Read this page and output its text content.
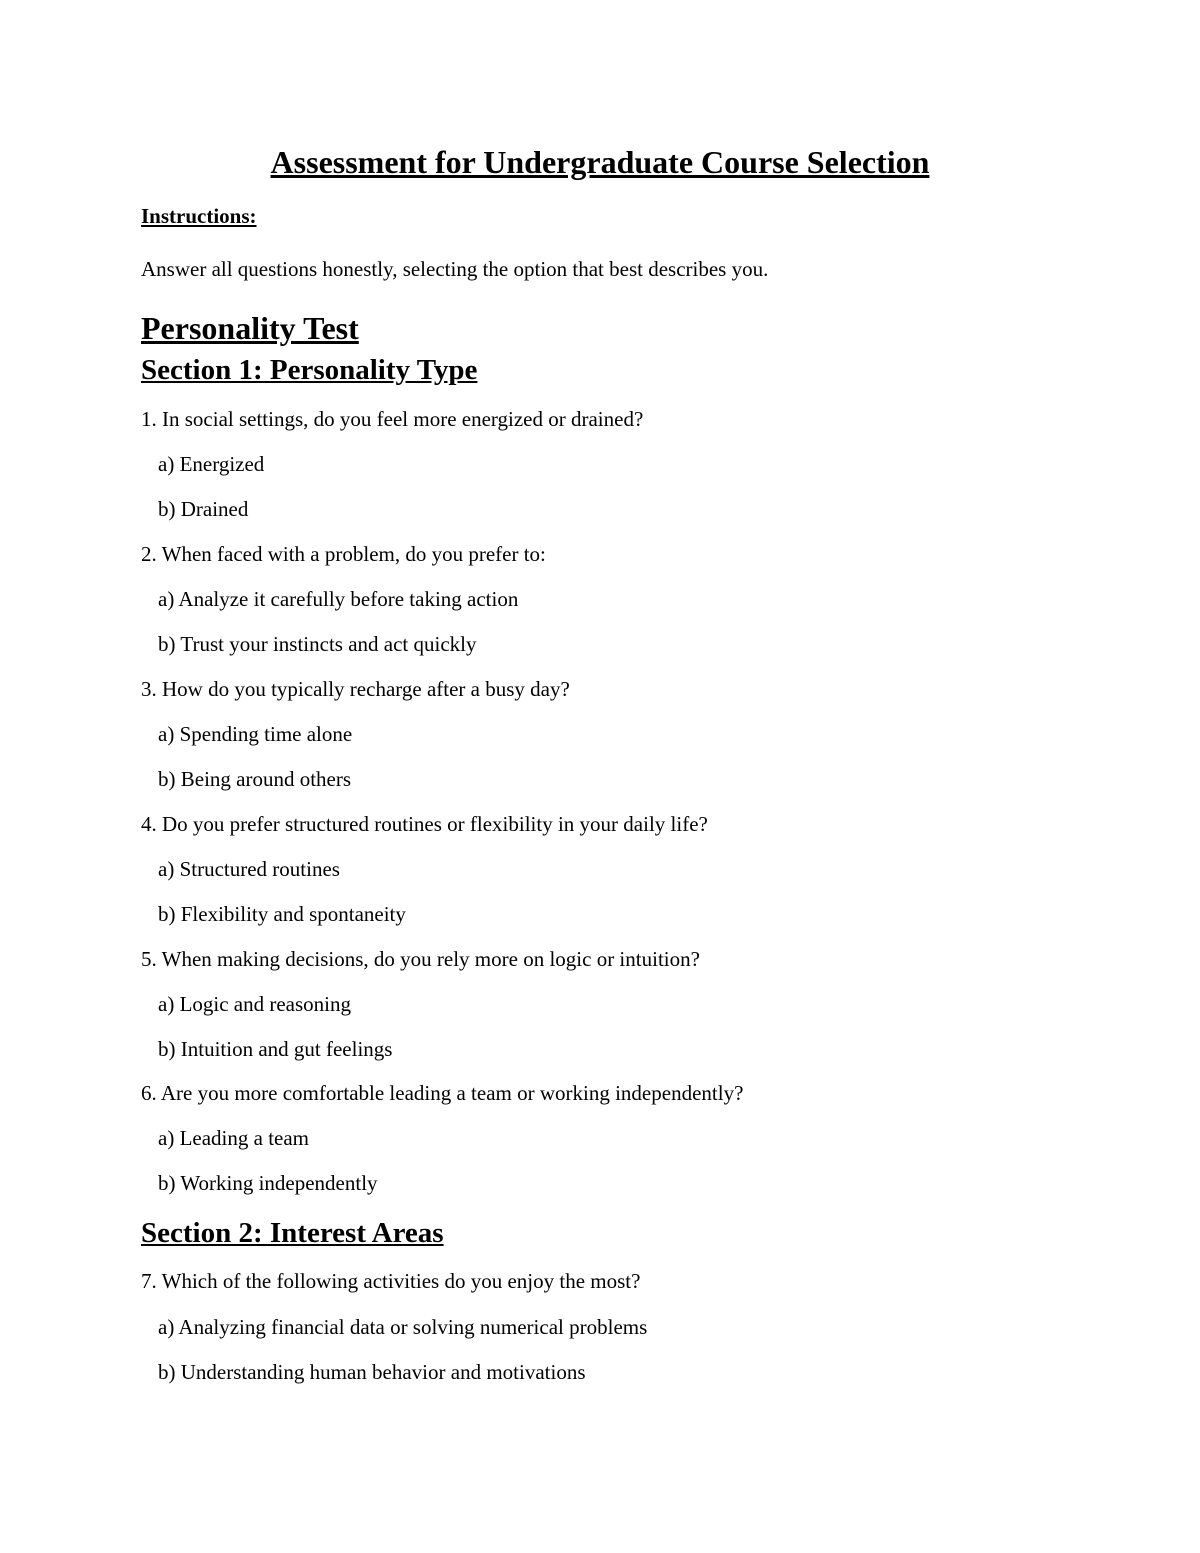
Assessment for Undergraduate Course Selection

Instructions:

Answer all questions honestly, selecting the option that best describes you.

Personality Test

Section 1: Personality Type

1. In social settings, do you feel more energized or drained?

a) Energized

b) Drained

2. When faced with a problem, do you prefer to:

a) Analyze it carefully before taking action

b) Trust your instincts and act quickly

3. How do you typically recharge after a busy day?

a) Spending time alone

b) Being around others

4. Do you prefer structured routines or flexibility in your daily life?

a) Structured routines

b) Flexibility and spontaneity

5. When making decisions, do you rely more on logic or intuition?

a) Logic and reasoning

b) Intuition and gut feelings

6. Are you more comfortable leading a team or working independently?

a) Leading a team

b) Working independently

Section 2: Interest Areas

7. Which of the following activities do you enjoy the most?

a) Analyzing financial data or solving numerical problems

b) Understanding human behavior and motivations
